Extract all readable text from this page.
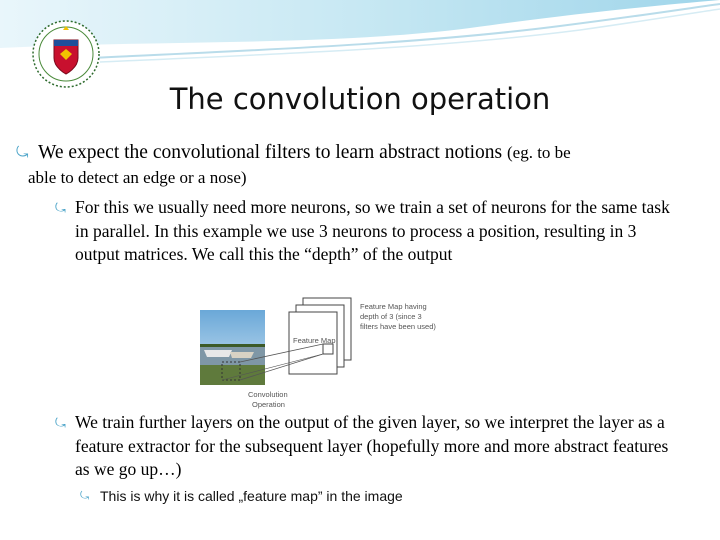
The convolution operation
⤿ We expect the convolutional filters to learn abstract notions (eg. to be
able to detect an edge or a nose)
⤿ For this we usually need more neurons, so we train a set of neurons for the same task in parallel. In this example we use 3 neurons to process a position, resulting in 3 output matrices. We call this the “depth” of the output
Feature Map having depth of 3 (since 3 filters have been used)
Feature Map
Convolution
Operation
⤿ We train further layers on the output of the given layer, so we interpret the layer as a feature extractor for the subsequent layer (hopefully more and more abstract features as we go up…)
⤿ This is why it is called „feature map” in the image
